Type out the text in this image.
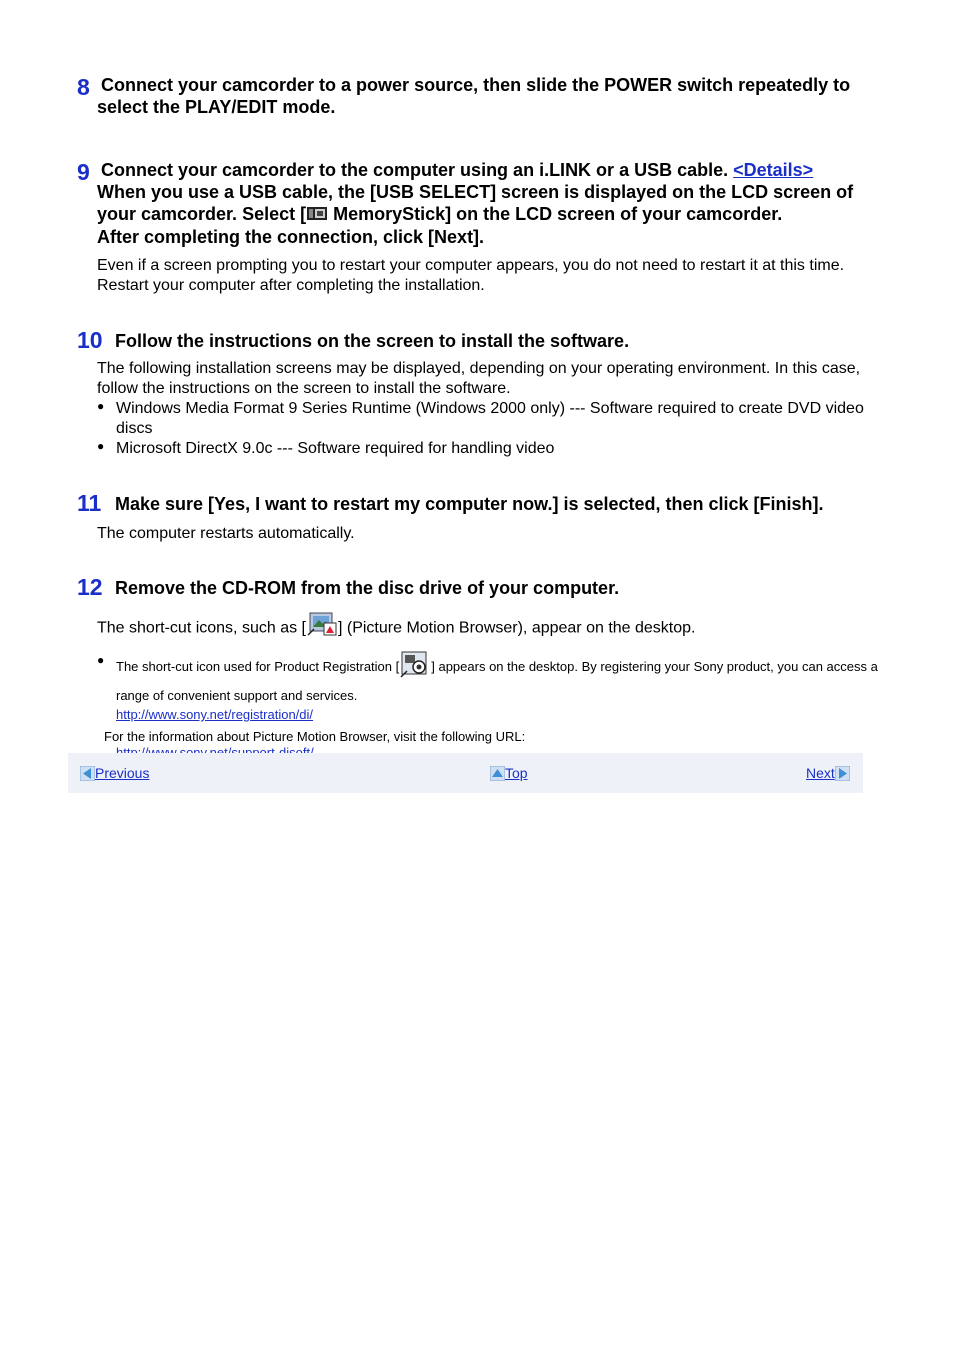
8 Connect your camcorder to a power source, then slide the POWER switch repeatedly to select the PLAY/EDIT mode.

9 Connect your camcorder to the computer using an i.LINK or a USB cable. <Details>
When you use a USB cable, the [USB SELECT] screen is displayed on the LCD screen of your camcorder. Select [ MemoryStick] on the LCD screen of your camcorder.
After completing the connection, click [Next].

Even if a screen prompting you to restart your computer appears, you do not need to restart it at this time. Restart your computer after completing the installation.

10 Follow the instructions on the screen to install the software.

The following installation screens may be displayed, depending on your operating environment. In this case, follow the instructions on the screen to install the software.

● Windows Media Format 9 Series Runtime (Windows 2000 only) --- Software required to create DVD video discs
● Microsoft DirectX 9.0c --- Software required for handling video
11 Make sure [Yes, I want to restart my computer now.] is selected, then click [Finish].

The computer restarts automatically.

12 Remove the CD-ROM from the disc drive of your computer.

The short-cut icons, such as [ ] (Picture Motion Browser), appear on the desktop.

● The short-cut icon used for Product Registration [ ] appears on the desktop. By registering your Sony product, you can access a range of convenient support and services.

http://www.sony.net/registration/di/

For the information about Picture Motion Browser, visit the following URL:

Previous	Top	Next
